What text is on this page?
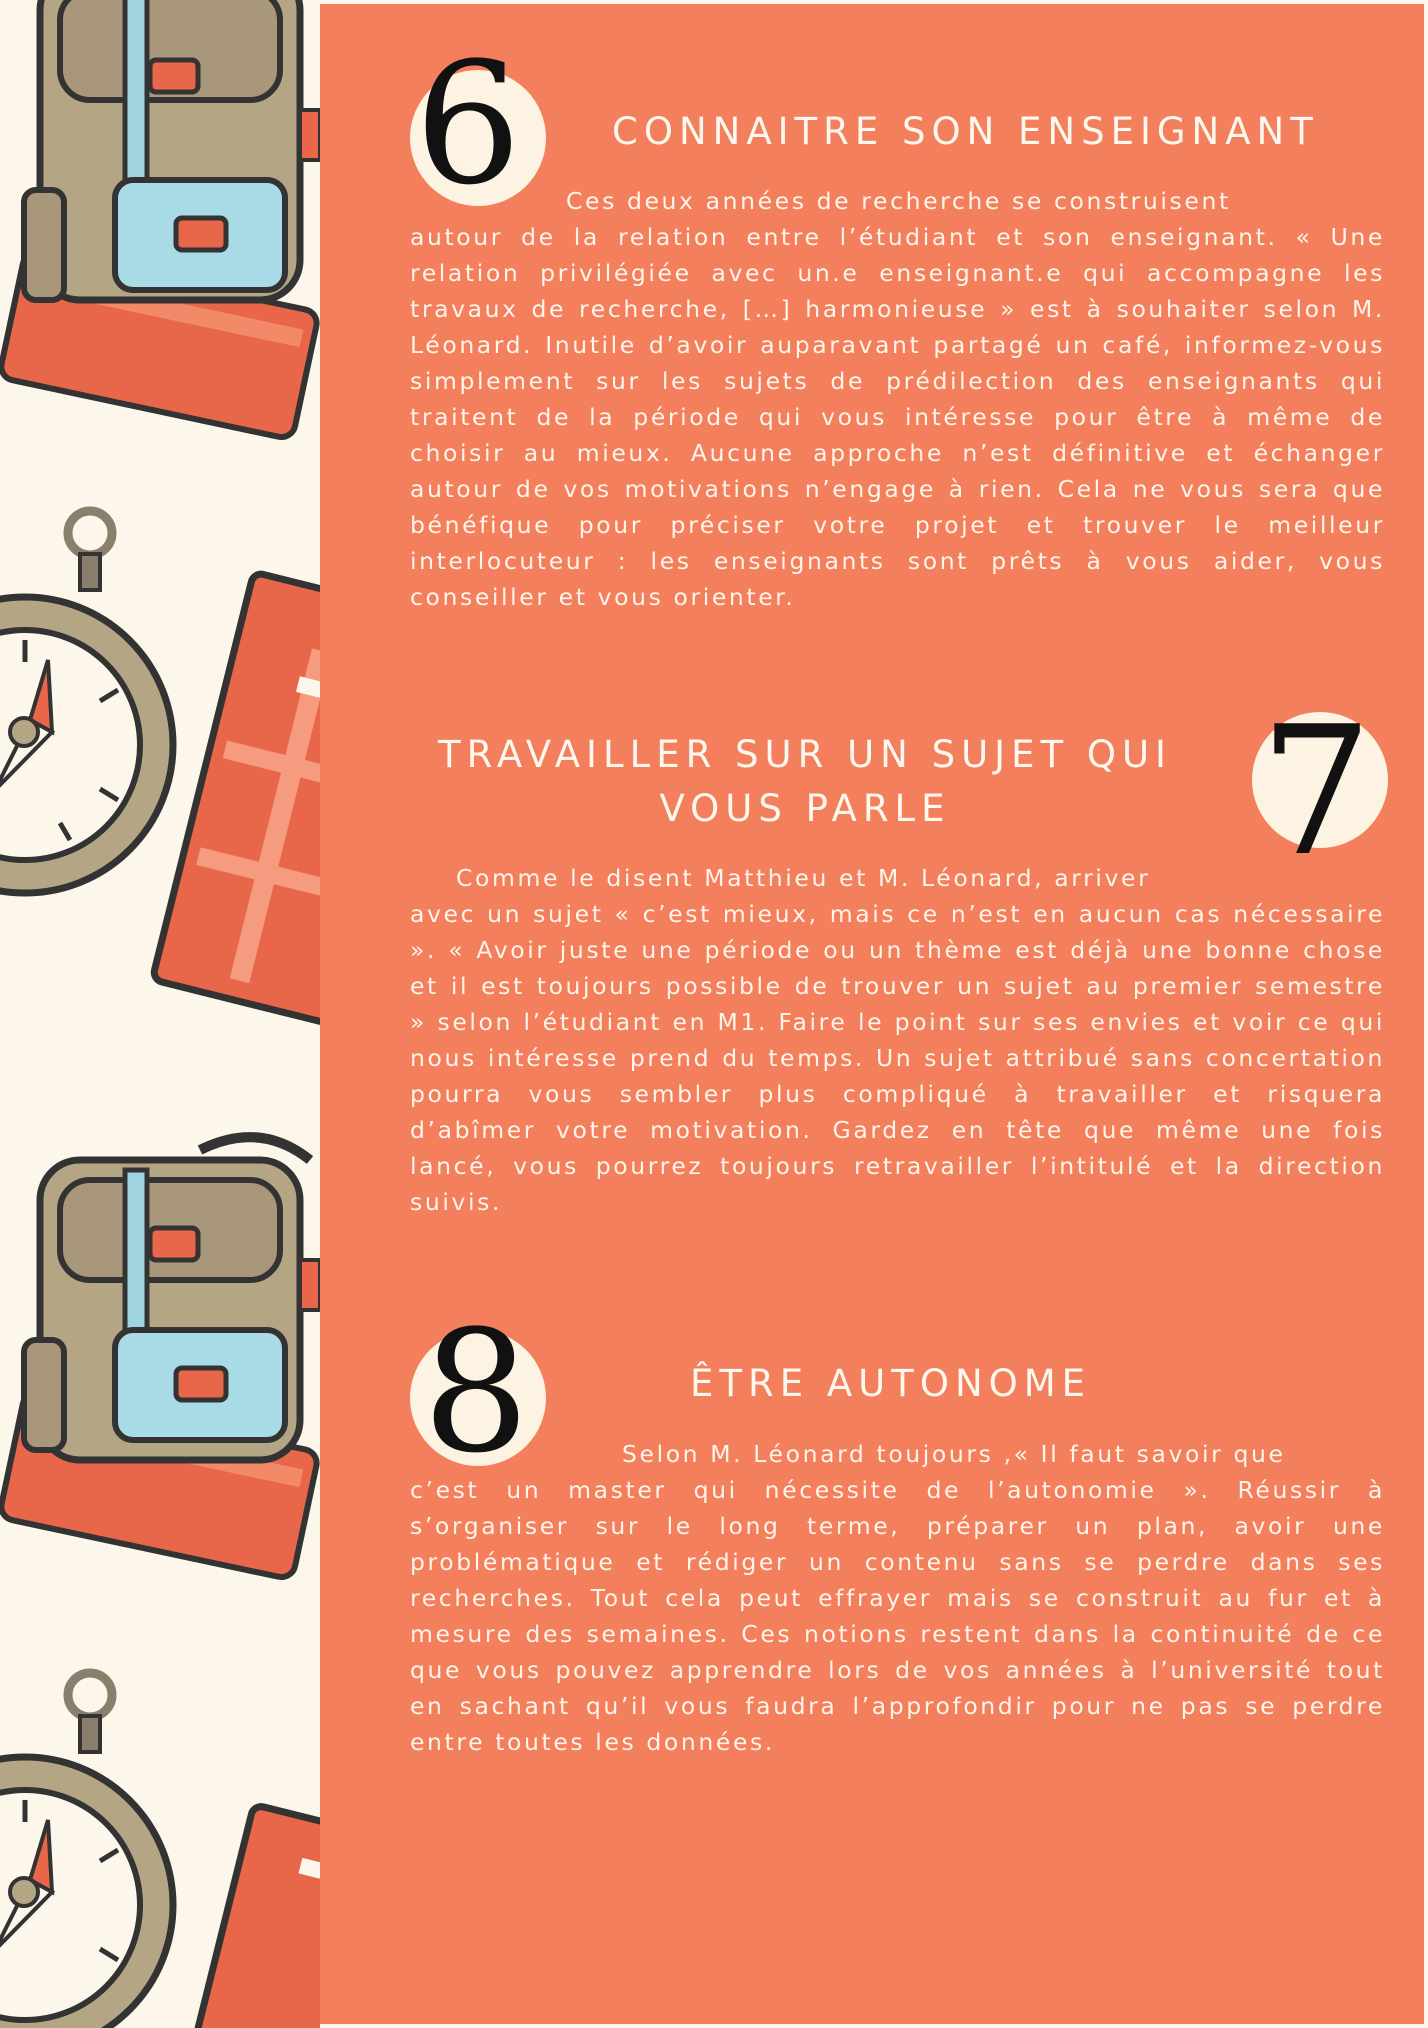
6	CONNAITRE SON ENSEIGNANT
Ces deux années de recherche se construisent
autour de la relation entre l’étudiant et son enseignant. « Une relation privilégiée avec un.e enseignant.e qui accompagne les travaux de recherche, […] harmonieuse » est à souhaiter selon M. Léonard. Inutile d’avoir auparavant partagé un café, informez-vous simplement sur les sujets de prédilection des enseignants qui traitent de la période qui vous intéresse pour être à même de choisir au mieux. Aucune approche n’est définitive et échanger autour de vos motivations n’engage à rien. Cela ne vous sera que bénéfique pour préciser votre projet et trouver le meilleur interlocuteur : les enseignants sont prêts à vous aider, vous conseiller et vous orienter.
TRAVAILLER SUR UN SUJET QUI
VOUS PARLE	7
Comme le disent Matthieu et M. Léonard, arriver
avec un sujet « c’est mieux, mais ce n’est en aucun cas nécessaire ». « Avoir juste une période ou un thème est déjà une bonne chose et il est toujours possible de trouver un sujet au premier semestre » selon l’étudiant en M1. Faire le point sur ses envies et voir ce qui nous intéresse prend du temps. Un sujet attribué sans concertation pourra vous sembler plus compliqué à travailler et risquera d’abîmer votre motivation. Gardez en tête que même une fois lancé, vous pourrez toujours retravailler l’intitulé et la direction suivis.
8	ÊTRE AUTONOME
Selon M. Léonard toujours ,« Il faut savoir que
c’est un master qui nécessite de l’autonomie ». Réussir à s’organiser sur le long terme, préparer un plan, avoir une problématique et rédiger un contenu sans se perdre dans ses recherches. Tout cela peut effrayer mais se construit au fur et à mesure des semaines. Ces notions restent dans la continuité de ce que vous pouvez apprendre lors de vos années à l’université tout en sachant qu’il vous faudra l’approfondir pour ne pas se perdre entre toutes les données.
